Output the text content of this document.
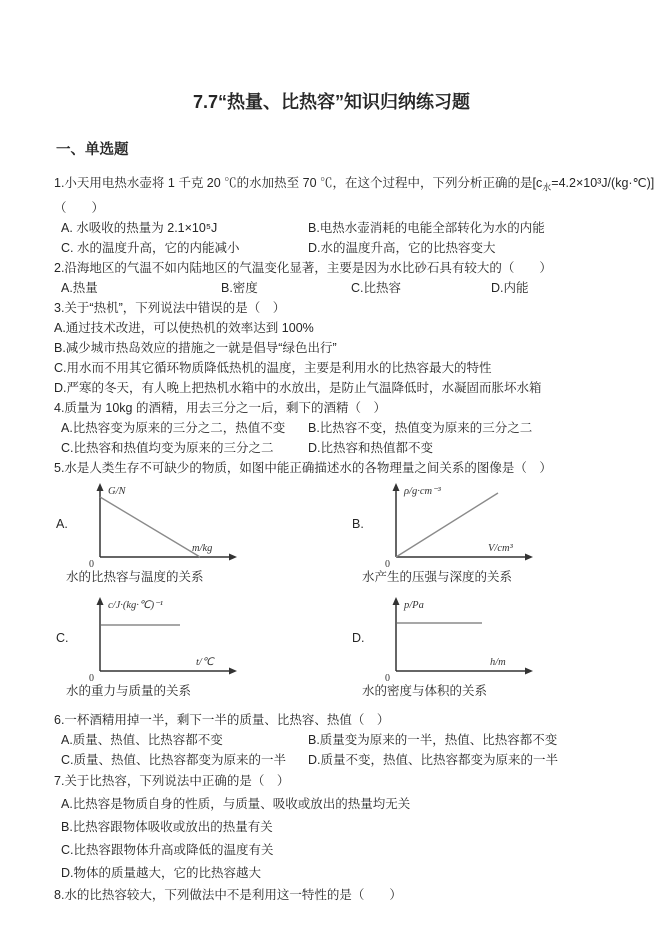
7.7“热量、比热容”知识归纳练习题
一、单选题

1.小天用电热水壶将 1 千克 20 ℃的水加热至 70 ℃，在这个过程中，下列分析正确的是$[c_水=4.2\times 10^3J/(kg\cdot℃)]$

（　　）

A. 水吸收的热量为 2.1×10⁵J	B.电热水壶消耗的电能全部转化为水的内能
C. 水的温度升高，它的内能减小	D.水的温度升高，它的比热容变大

2.沿海地区的气温不如内陆地区的气温变化显著，主要是因为水比砂石具有较大的（　　）

A.热量	B.密度	C.比热容	D.内能

3.关于“热机”，下列说法中错误的是（　）

A.通过技术改进，可以使热机的效率达到 100%

B.减少城市热岛效应的措施之一就是倡导“绿色出行”

C.用水而不用其它循环物质降低热机的温度，主要是利用水的比热容最大的特性

D.严寒的冬天，有人晚上把热机水箱中的水放出，是防止气温降低时，水凝固而胀坏水箱

4.质量为 10kg 的酒精，用去三分之一后，剩下的酒精（　）

A.比热容变为原来的三分之二，热值不变	B.比热容不变，热值变为原来的三分之二
C.比热容和热值均变为原来的三分之二	D.比热容和热值都不变

5.水是人类生存不可缺少的物质，如图中能正确描述水的各物理量之间关系的图像是（　）

A.
G/N
m/kg
0
水的比热容与温度的关系
B.
ρ/g·cm⁻³
V/cm³
0
水产生的压强与深度的关系
C.
c/J·(kg·℃)⁻¹
t/℃
0
水的重力与质量的关系
D.
p/Pa
h/m
0
水的密度与体积的关系

6.一杯酒精用掉一半，剩下一半的质量、比热容、热值（　）

A.质量、热值、比热容都不变	B.质量变为原来的一半，热值、比热容都不变
C.质量、热值、比热容都变为原来的一半	D.质量不变，热值、比热容都变为原来的一半

7.关于比热容，下列说法中正确的是（　）

A.比热容是物质自身的性质，与质量、吸收或放出的热量均无关

B.比热容跟物体吸收或放出的热量有关

C.比热容跟物体升高或降低的温度有关

D.物体的质量越大，它的比热容越大

8.水的比热容较大，下列做法中不是利用这一特性的是（　　）
